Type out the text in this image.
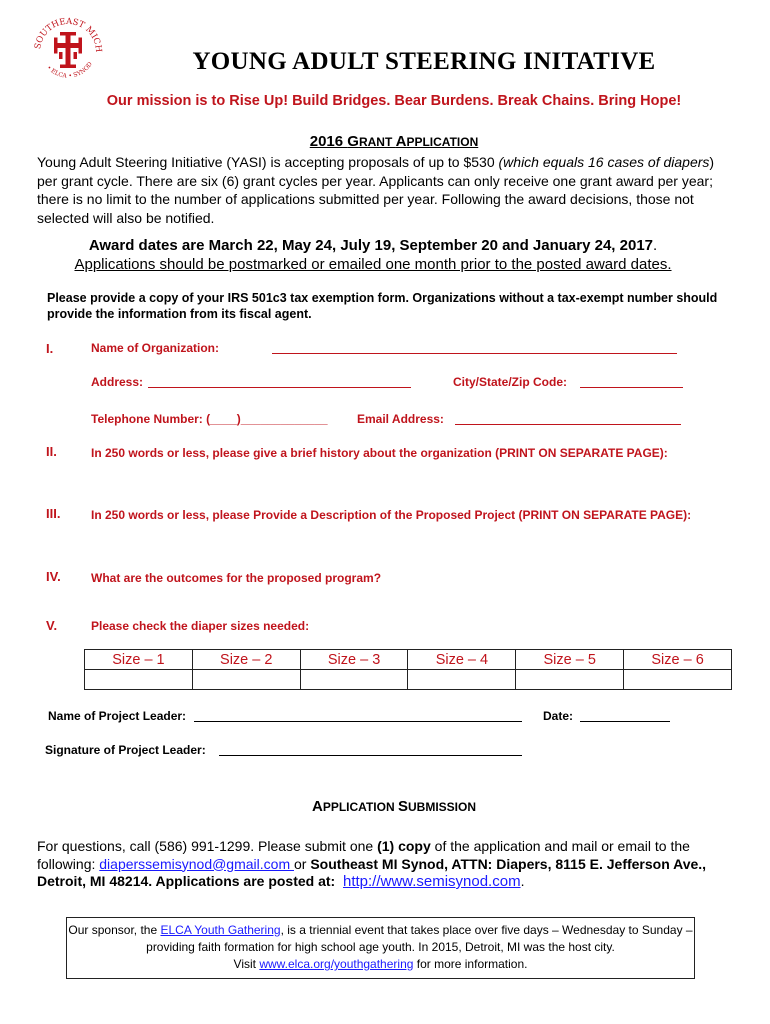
SOUTHEAST MICH
• ELCA • SYNOD	YOUNG ADULT STEERING INITATIVE
Our mission is to Rise Up! Build Bridges. Bear Burdens. Break Chains. Bring Hope!
2016 GRANT APPLICATION
Young Adult Steering Initiative (YASI) is accepting proposals of up to $530 (which equals 16 cases of diapers) per grant cycle. There are six (6) grant cycles per year. Applicants can only receive one grant award per year; there is no limit to the number of applications submitted per year. Following the award decisions, those not selected will also be notified.
Award dates are March 22, May 24, July 19, September 20 and January 24, 2017.
Applications should be postmarked or emailed one month prior to the posted award dates.
Please provide a copy of your IRS 501c3 tax exemption form. Organizations without a tax-exempt number should provide the information from its fiscal agent.
I.	Name of Organization:
Address:	City/State/Zip Code:
Telephone Number: (____)_____________ Email Address:
II.	In 250 words or less, please give a brief history about the organization (PRINT ON SEPARATE PAGE):
III.	In 250 words or less, please Provide a Description of the Proposed Project (PRINT ON SEPARATE PAGE):
IV.	What are the outcomes for the proposed program?
V.	Please check the diaper sizes needed:
Size – 1	Size – 2	Size – 3	Size – 4	Size – 5	Size – 6

Name of Project Leader:	Date:
Signature of Project Leader:
APPLICATION SUBMISSION
For questions, call (586) 991-1299. Please submit one (1) copy of the application and mail or email to the following: diaperssemisynod@gmail.com or Southeast MI Synod, ATTN: Diapers, 8115 E. Jefferson Ave., Detroit, MI 48214. Applications are posted at: http://www.semisynod.com.
Our sponsor, the ELCA Youth Gathering, is a triennial event that takes place over five days – Wednesday to Sunday – providing faith formation for high school age youth. In 2015, Detroit, MI was the host city.
Visit www.elca.org/youthgathering for more information.
